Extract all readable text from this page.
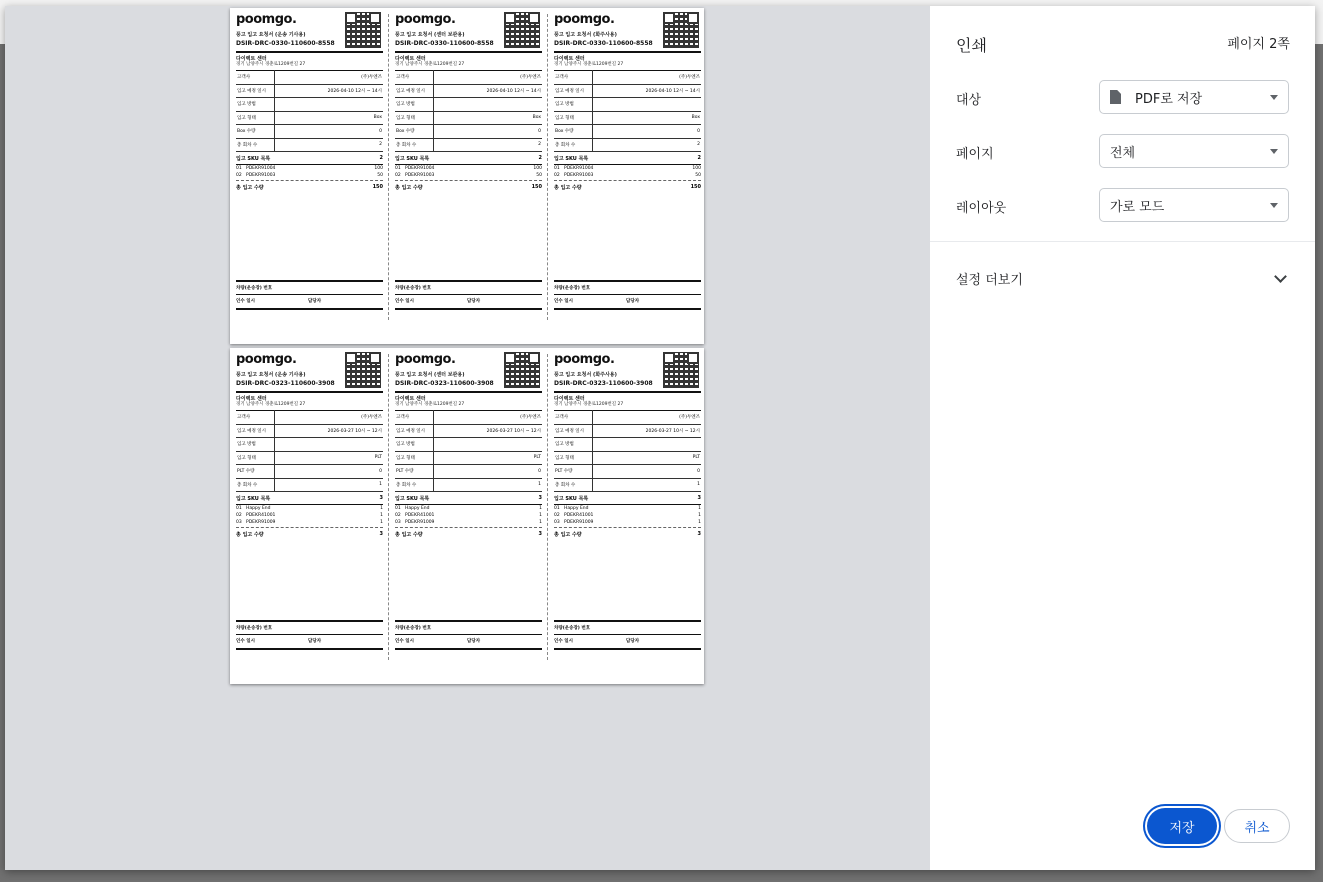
poomgo.
풍고 입고 요청서 (운송 기사용)
DSIR-DRC-0330-110600-8558
다이렉트 센터
경기 남양주시 경춘로1209번길 27
고객사	(주)두엔즈
입고 예정 일시	2026-04-10 12시 ~ 14시
입고 방법	
입고 형태	Box
Box 수량	0
총 회차 수	2
입고 SKU 목록	2
01 PDEKR91004	100
02 PDEKR91003	50
총 입고 수량	150
차량(운송장) 번호
인수 일시	담당자
poomgo.
풍고 입고 요청서 (센터 보관용)
DSIR-DRC-0330-110600-8558
다이렉트 센터
경기 남양주시 경춘로1209번길 27
고객사	(주)두엔즈
입고 예정 일시	2026-04-10 12시 ~ 14시
입고 방법	
입고 형태	Box
Box 수량	0
총 회차 수	2
입고 SKU 목록	2
01 PDEKR91004	100
02 PDEKR91003	50
총 입고 수량	150
차량(운송장) 번호
인수 일시	담당자
poomgo.
풍고 입고 요청서 (화주사용)
DSIR-DRC-0330-110600-8558
다이렉트 센터
경기 남양주시 경춘로1209번길 27
고객사	(주)두엔즈
입고 예정 일시	2026-04-10 12시 ~ 14시
입고 방법	
입고 형태	Box
Box 수량	0
총 회차 수	2
입고 SKU 목록	2
01 PDEKR91004	100
02 PDEKR91003	50
총 입고 수량	150
차량(운송장) 번호
인수 일시	담당자
poomgo.
풍고 입고 요청서 (운송 기사용)
DSIR-DRC-0323-110600-3908
다이렉트 센터
경기 남양주시 경춘로1209번길 27
고객사	(주)두엔즈
입고 예정 일시	2026-03-27 10시 ~ 12시
입고 방법	
입고 형태	PLT
PLT 수량	0
총 회차 수	1
입고 SKU 목록	3
01 Happy End	1
02 PDEKR41001	1
03 PDEKR91009	1
총 입고 수량	3
차량(운송장) 번호
인수 일시	담당자
poomgo.
풍고 입고 요청서 (센터 보관용)
DSIR-DRC-0323-110600-3908
다이렉트 센터
경기 남양주시 경춘로1209번길 27
고객사	(주)두엔즈
입고 예정 일시	2026-03-27 10시 ~ 12시
입고 방법	
입고 형태	PLT
PLT 수량	0
총 회차 수	1
입고 SKU 목록	3
01 Happy End	1
02 PDEKR41001	1
03 PDEKR91009	1
총 입고 수량	3
차량(운송장) 번호
인수 일시	담당자
poomgo.
풍고 입고 요청서 (화주사용)
DSIR-DRC-0323-110600-3908
다이렉트 센터
경기 남양주시 경춘로1209번길 27
고객사	(주)두엔즈
입고 예정 일시	2026-03-27 10시 ~ 12시
입고 방법	
입고 형태	PLT
PLT 수량	0
총 회차 수	1
입고 SKU 목록	3
01 Happy End	1
02 PDEKR41001	1
03 PDEKR91009	1
총 입고 수량	3
차량(운송장) 번호
인수 일시	담당자
인쇄	페이지 2쪽
대상	PDF로 저장
페이지	전체
레이아웃	가로 모드
설정 더보기
저장	취소
